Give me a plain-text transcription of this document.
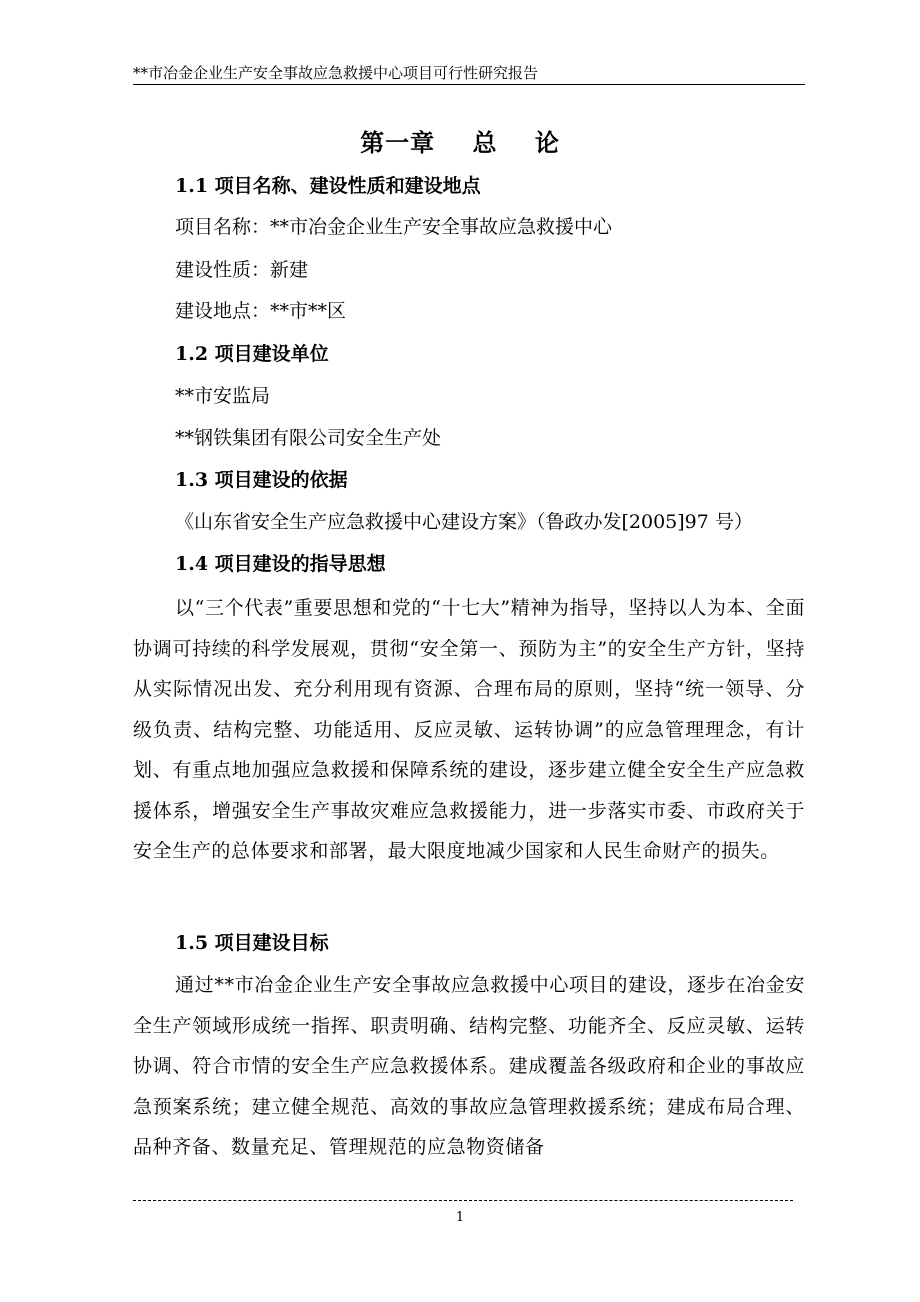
**市冶金企业生产安全事故应急救援中心项目可行性研究报告
第一章    总    论
1.1 项目名称、建设性质和建设地点
项目名称：**市冶金企业生产安全事故应急救援中心
建设性质：新建
建设地点：**市**区
1.2 项目建设单位
**市安监局
**钢铁集团有限公司安全生产处
1.3 项目建设的依据
《山东省安全生产应急救援中心建设方案》（鲁政办发[2005]97 号）
1.4 项目建设的指导思想
以“三个代表”重要思想和党的“十七大”精神为指导，坚持以人为本、全面协调可持续的科学发展观，贯彻“安全第一、预防为主”的安全生产方针，坚持从实际情况出发、充分利用现有资源、合理布局的原则，坚持“统一领导、分级负责、结构完整、功能适用、反应灵敏、运转协调”的应急管理理念，有计划、有重点地加强应急救援和保障系统的建设，逐步建立健全安全生产应急救援体系，增强安全生产事故灾难应急救援能力，进一步落实市委、市政府关于安全生产的总体要求和部署，最大限度地减少国家和人民生命财产的损失。
1.5 项目建设目标
通过**市冶金企业生产安全事故应急救援中心项目的建设，逐步在冶金安全生产领域形成统一指挥、职责明确、结构完整、功能齐全、反应灵敏、运转协调、符合市情的安全生产应急救援体系。建成覆盖各级政府和企业的事故应急预案系统；建立健全规范、高效的事故应急管理救援系统；建成布局合理、品种齐备、数量充足、管理规范的应急物资储备
1
